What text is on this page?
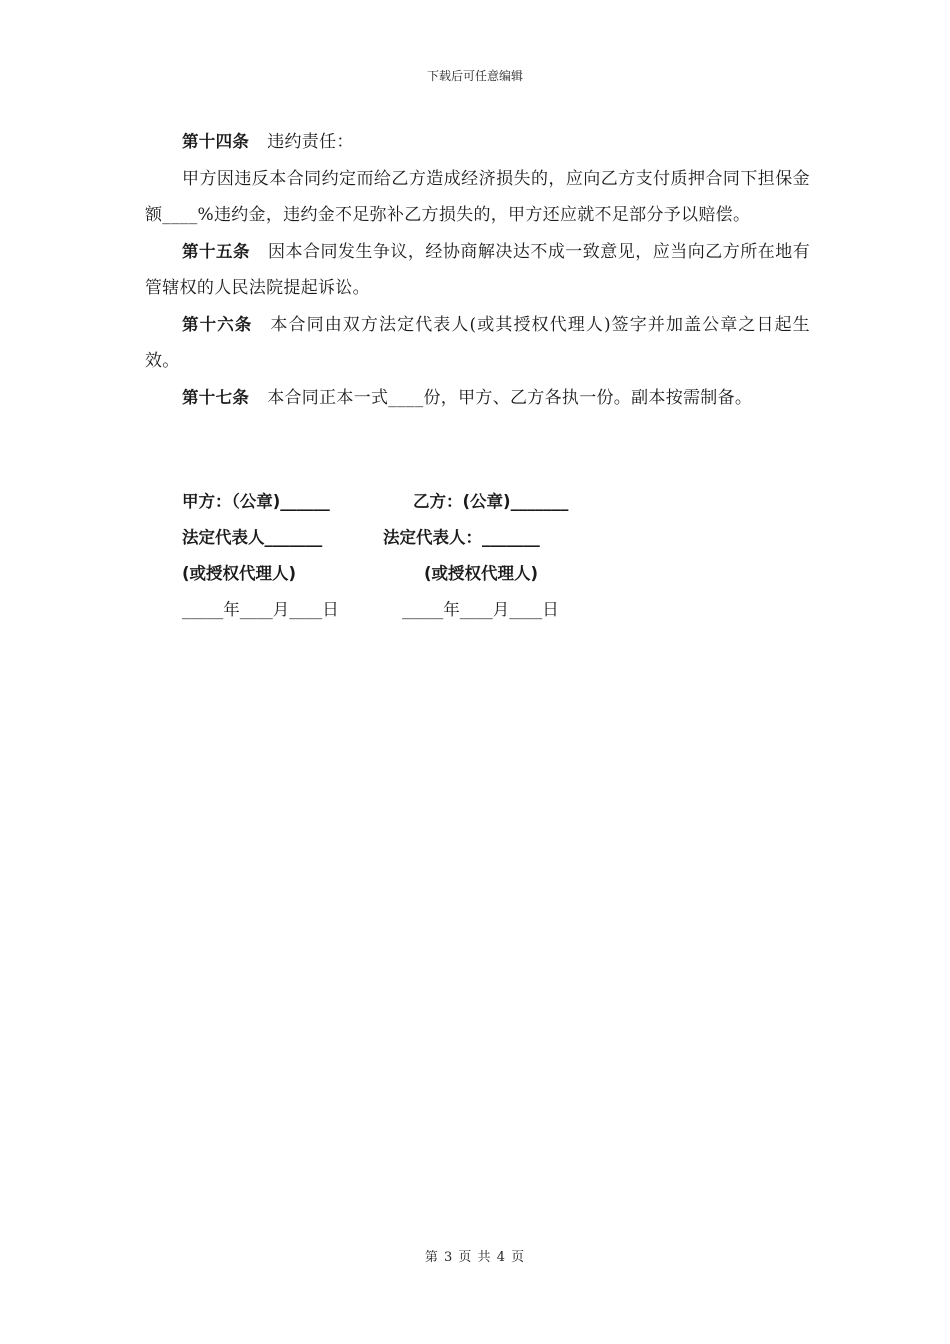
下载后可任意编辑

第十四条 违约责任：

甲方因违反本合同约定而给乙方造成经济损失的，应向乙方支付质押合同下担保金额____%违约金，违约金不足弥补乙方损失的，甲方还应就不足部分予以赔偿。

第十五条 因本合同发生争议，经协商解决达不成一致意见，应当向乙方所在地有管辖权的人民法院提起诉讼。

第十六条 本合同由双方法定代表人(或其授权代理人)签字并加盖公章之日起生效。

第十七条 本合同正本一式____份，甲方、乙方各执一份。副本按需制备。

甲方：（公章)______	乙方：(公章)_______
法定代表人_______	法定代表人：_______
(或授权代理人)	(或授权代理人)
_____年____月____日	_____年____月____日
第 3 页 共 4 页
